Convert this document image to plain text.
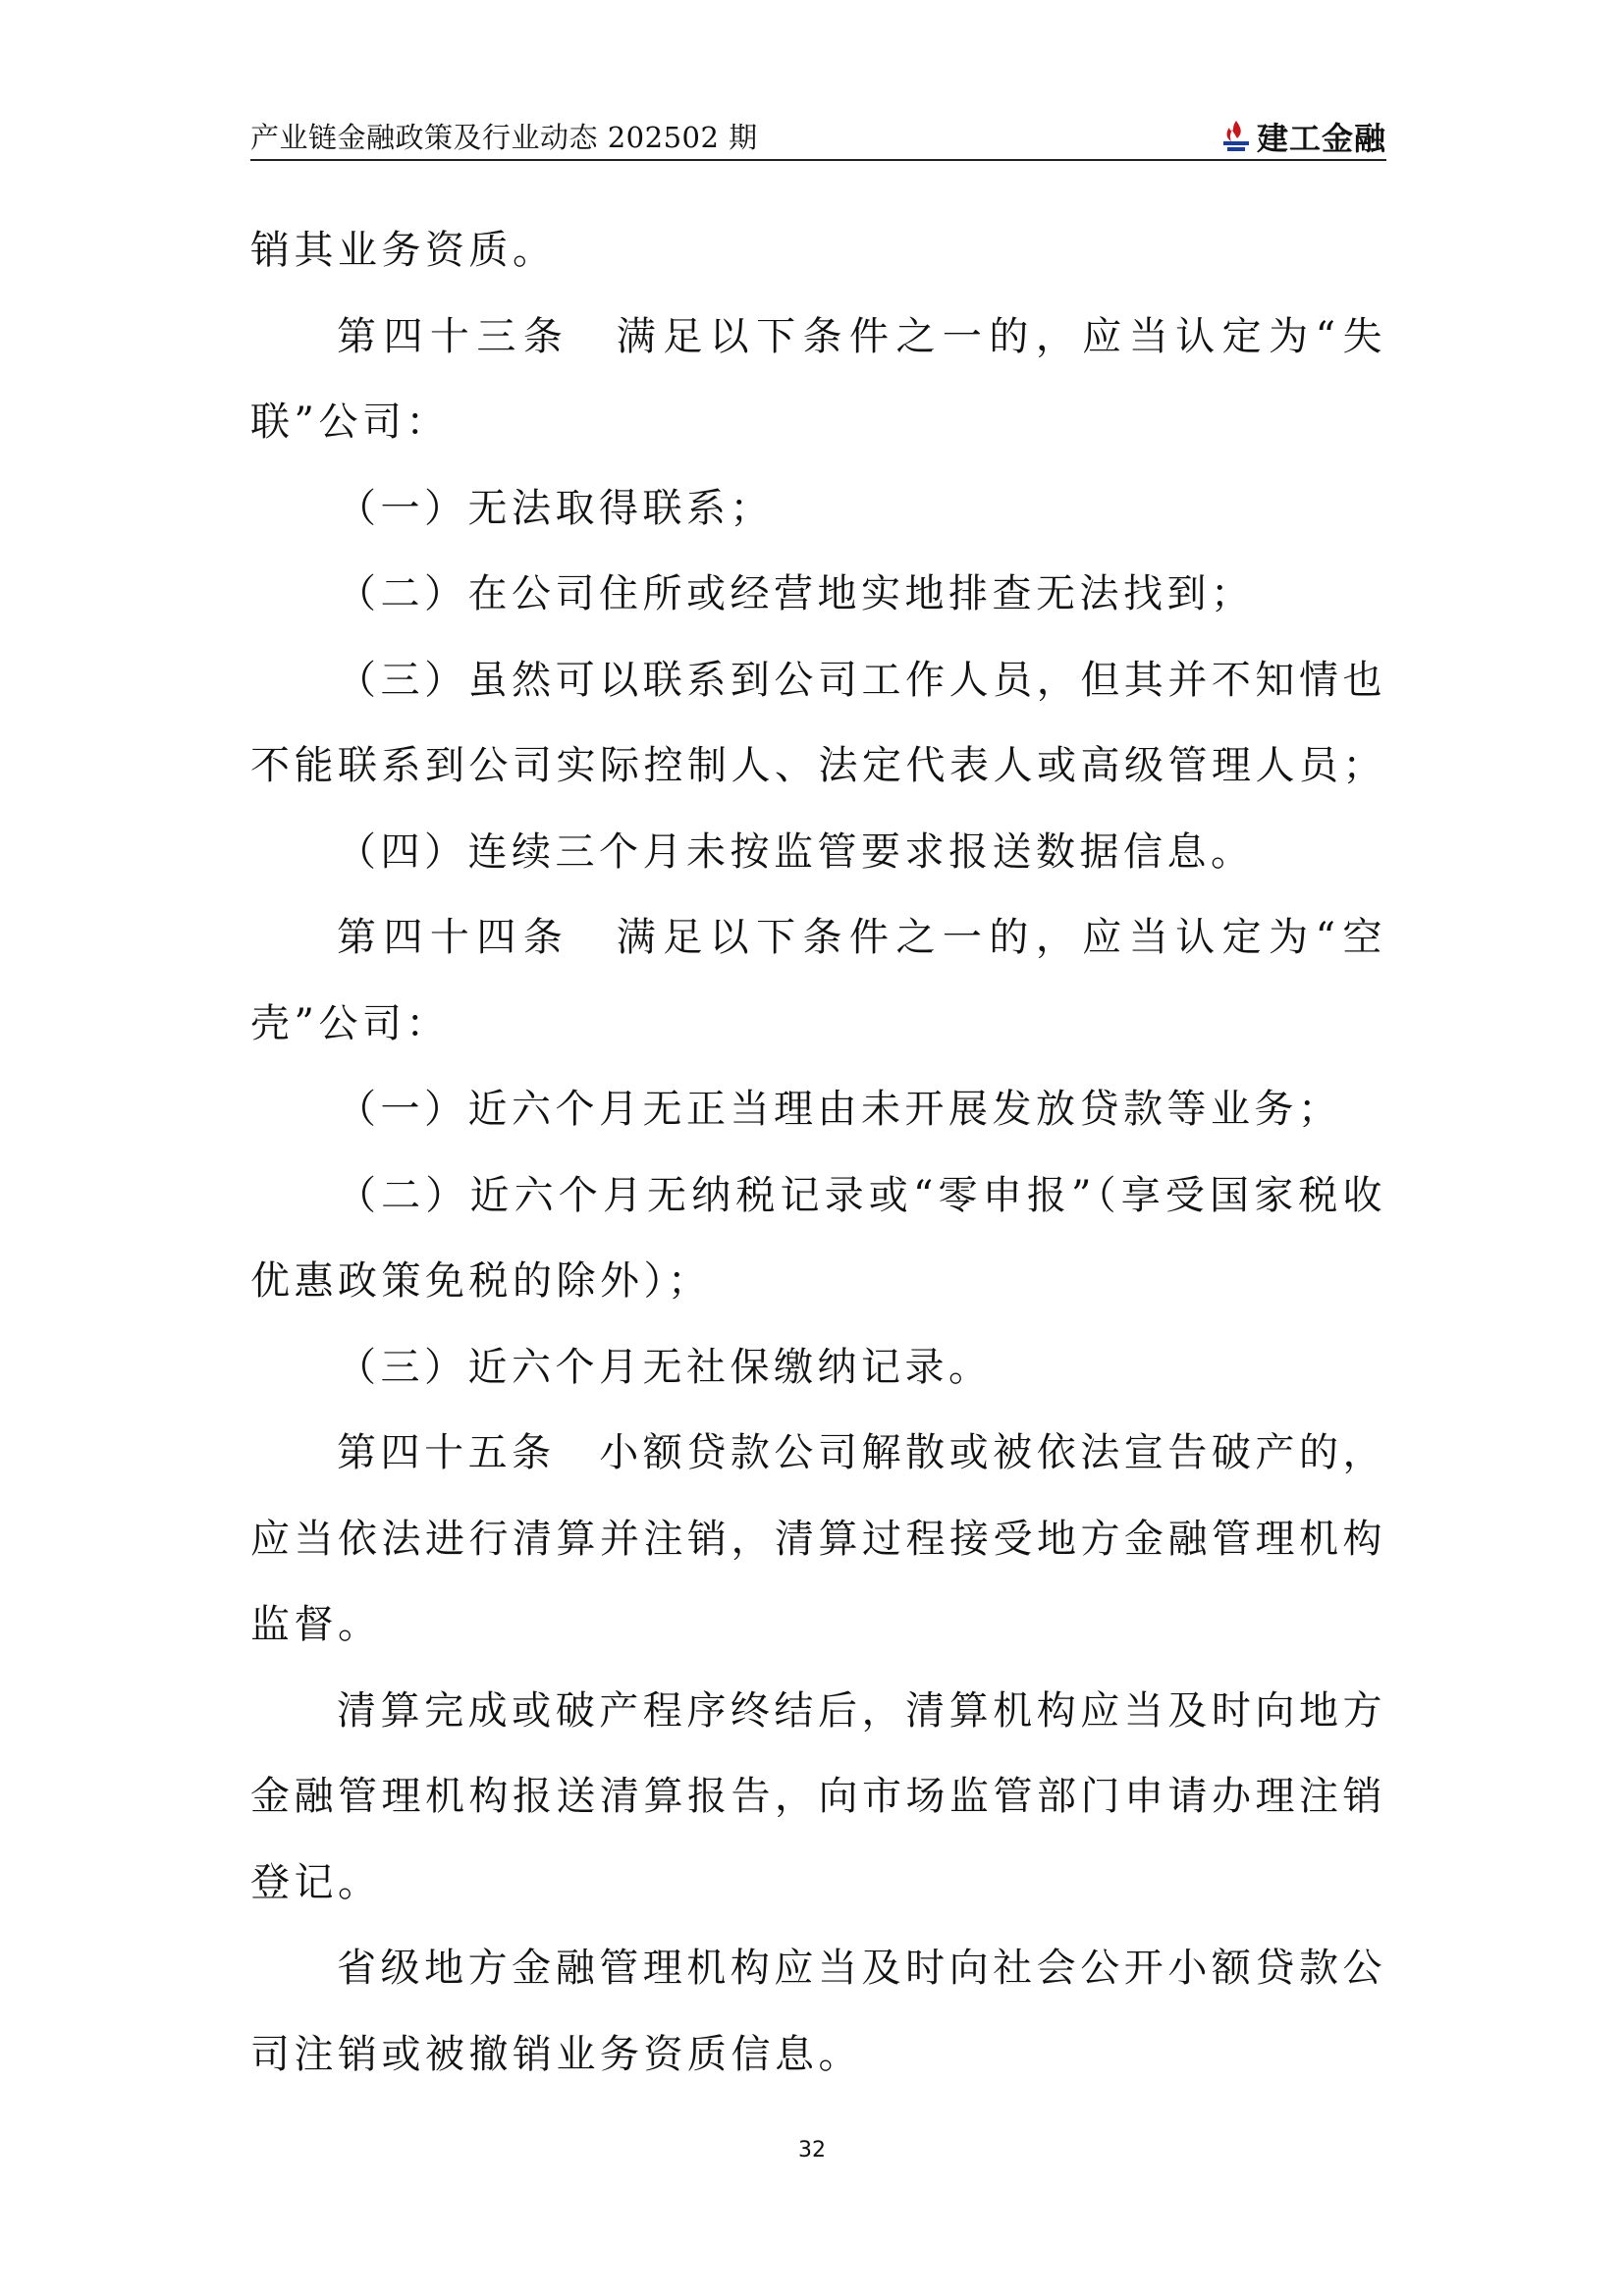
产业链金融政策及行业动态 202502 期	建工金融

销其业务资质。

第四十三条　满足以下条件之一的，应当认定为“失联”公司：

（一）无法取得联系；

（二）在公司住所或经营地实地排查无法找到；

（三）虽然可以联系到公司工作人员，但其并不知情也不能联系到公司实际控制人、法定代表人或高级管理人员；

（四）连续三个月未按监管要求报送数据信息。

第四十四条　满足以下条件之一的，应当认定为“空壳”公司：

（一）近六个月无正当理由未开展发放贷款等业务；

（二）近六个月无纳税记录或“零申报”（享受国家税收优惠政策免税的除外）；

（三）近六个月无社保缴纳记录。

第四十五条　小额贷款公司解散或被依法宣告破产的，应当依法进行清算并注销，清算过程接受地方金融管理机构监督。

清算完成或破产程序终结后，清算机构应当及时向地方金融管理机构报送清算报告，向市场监管部门申请办理注销登记。

省级地方金融管理机构应当及时向社会公开小额贷款公司注销或被撤销业务资质信息。

32
